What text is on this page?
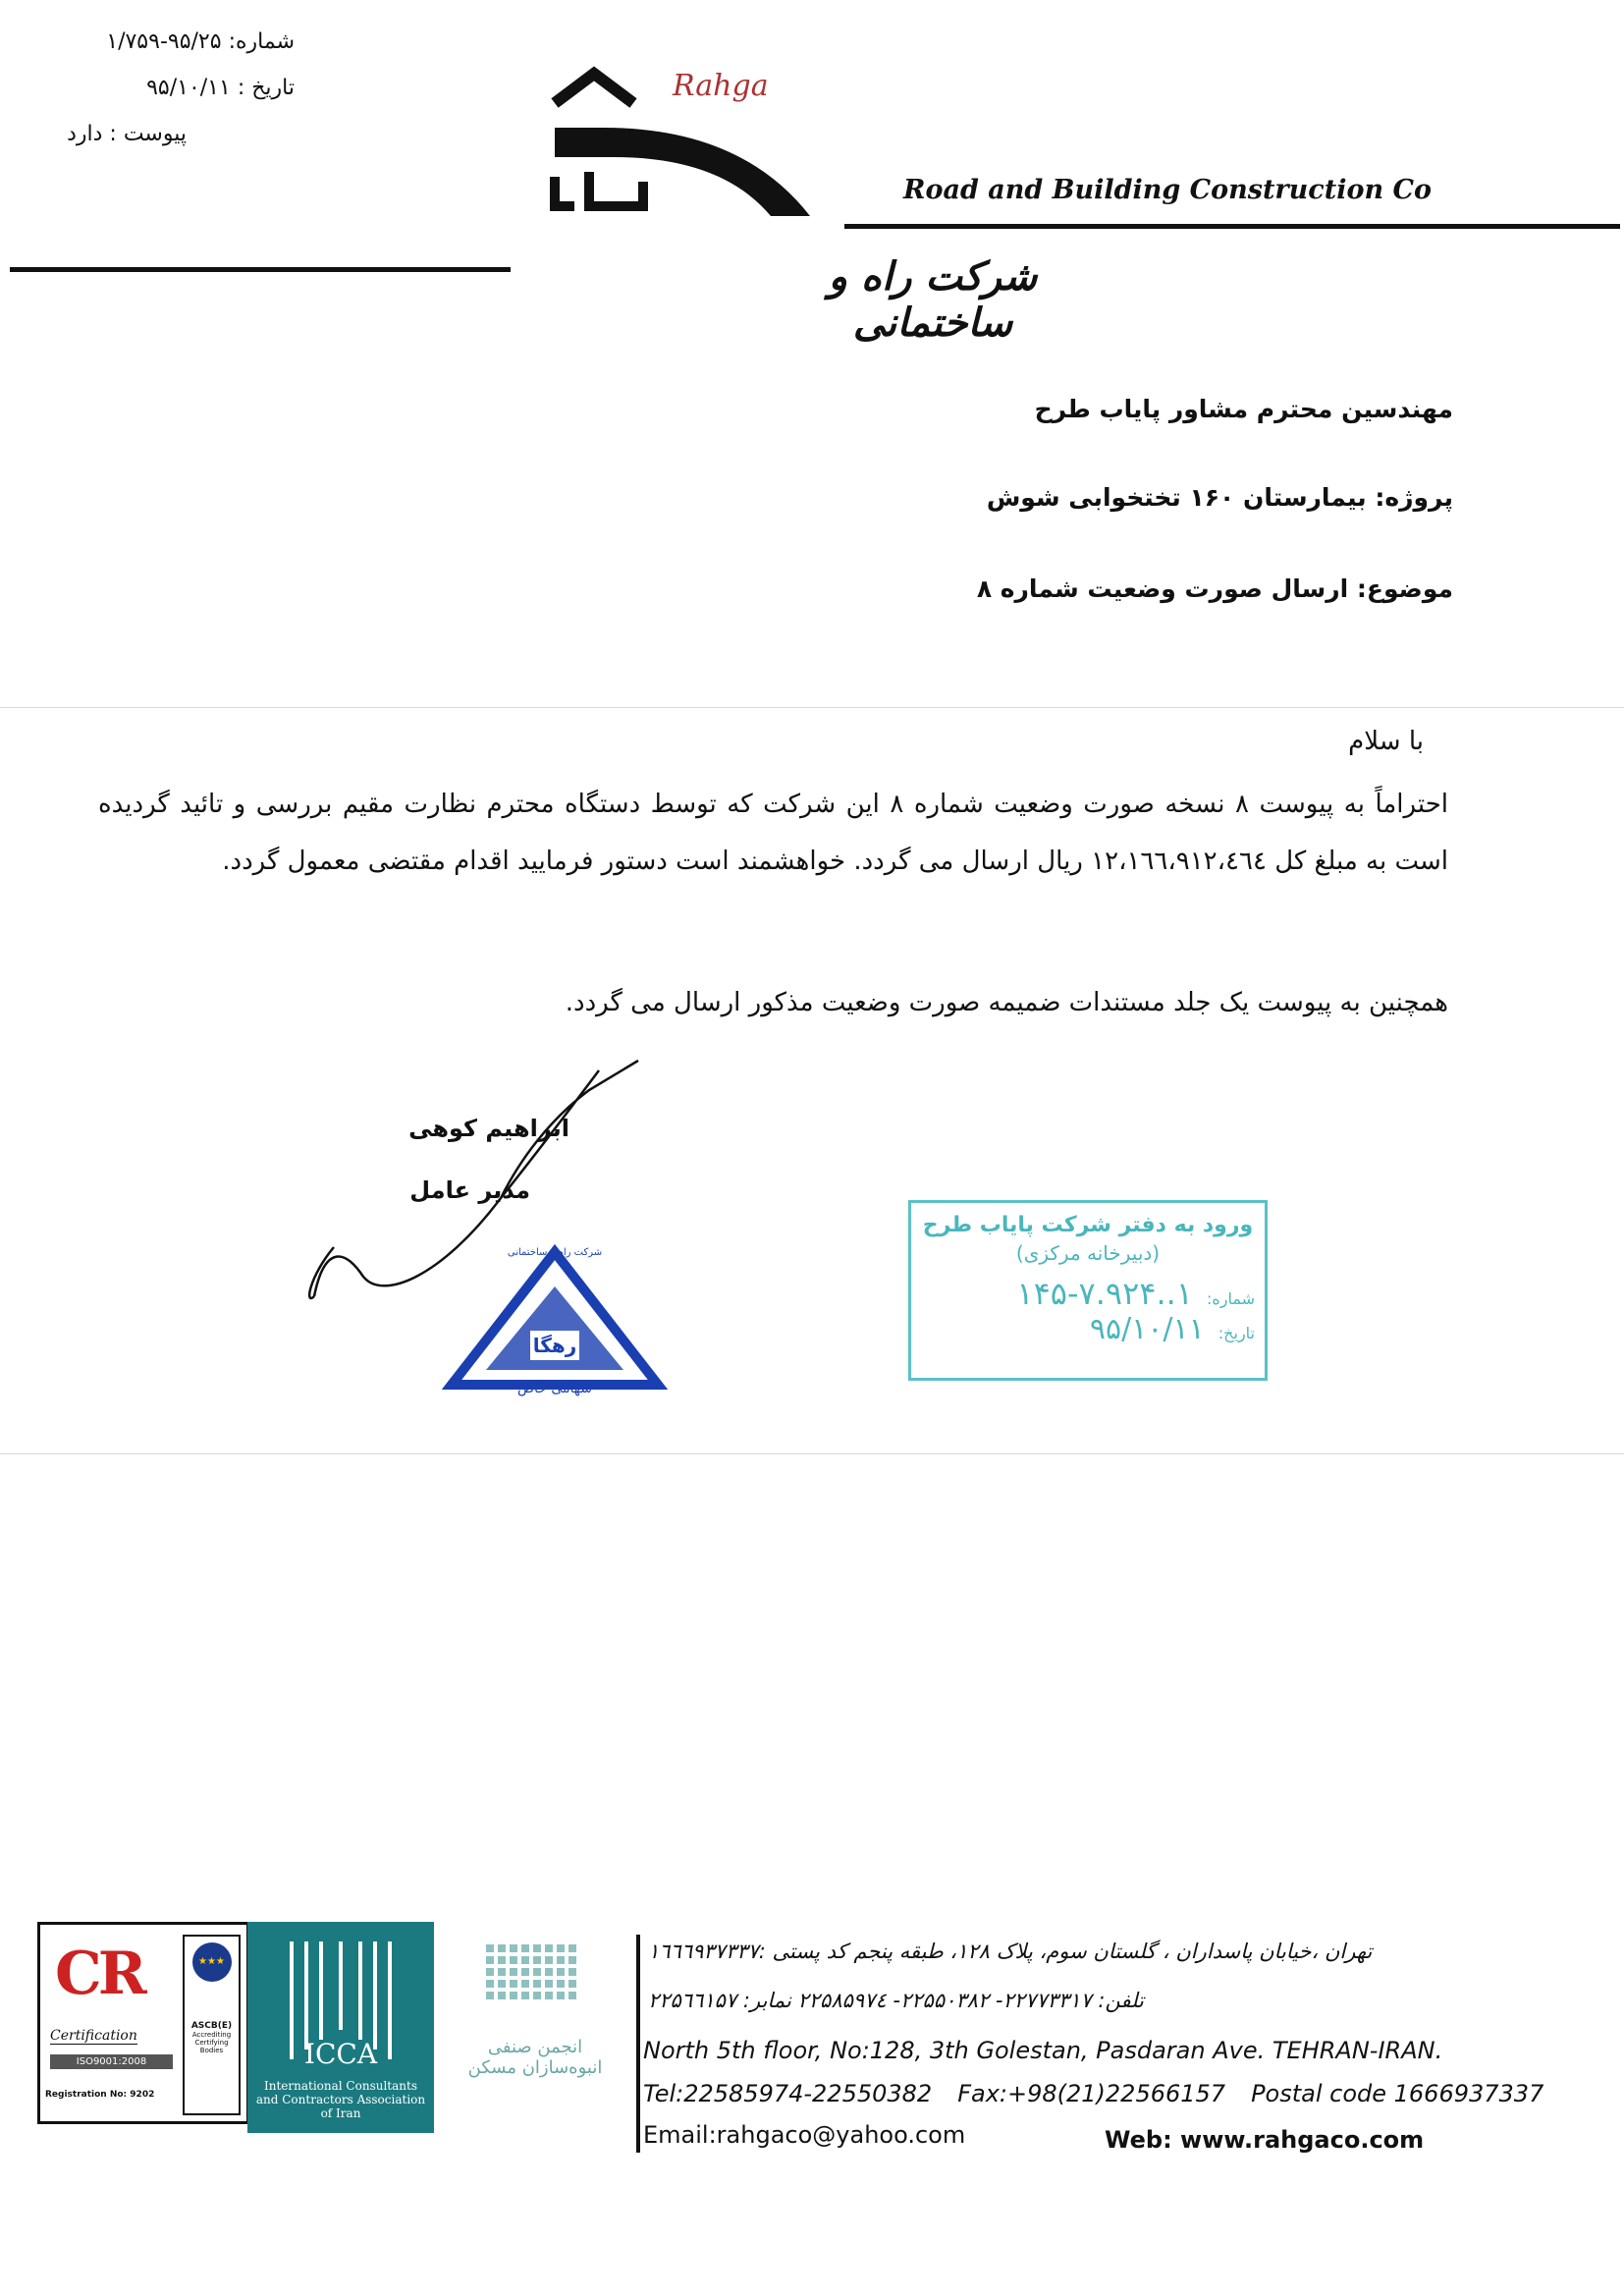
شماره: ۹۵/۲۵-۱/۷۵۹
تاریخ : ۹۵/۱۰/۱۱
پیوست : دارد
Rahga
Road and Building Construction Co
شرکت راه و ساختمانی
مهندسین محترم مشاور پایاب طرح
پروژه: بیمارستان ۱۶۰ تختخوابی شوش
موضوع: ارسال صورت وضعیت شماره ۸
با سلام
احتراماً به پیوست ۸ نسخه صورت وضعیت شماره ۸ این شرکت که توسط دستگاه محترم نظارت مقیم بررسی و تائید گردیده است به مبلغ کل ۱۲،۱٦٦،۹۱۲،٤٦٤ ریال ارسال می گردد. خواهشمند است دستور فرمایید اقدام مقتضی معمول گردد.
همچنین به پیوست یک جلد مستندات ضمیمه صورت وضعیت مذکور ارسال می گردد.
ابراهیم کوهی
مدیر عامل
شرکت راه و ساختمانی
رهگا
سهامی خاص
ورود به دفتر شرکت پایاب طرح
(دبیرخانه مرکزی)
شماره:
۱..۱۴۵-۷.۹۲۴
تاریخ:
۹۵/۱۰/۱۱
CR
Certification
ISO9001:2008
Registration No: 9202
★★★
ASCB(E)
Accrediting Certifying Bodies	ICCA
International Consultants and Contractors Association of Iran
انجمن صنفی
انبوه‌سازان مسکن
تهران ،خیابان پاسداران ، گلستان سوم، پلاک ۱۲۸، طبقه پنجم کد پستی :۱٦٦٦۹۳۷۳۳۷
تلفن: ۲۲۷۷۳۳۱۷- ۲۲۵۵۰۳۸۲- ۲۲۵۸۵۹۷٤ نمابر: ۲۲۵٦٦۱۵۷
North 5th floor, No:128, 3th Golestan, Pasdaran Ave. TEHRAN-IRAN.
Tel:22585974-22550382 Fax:+98(21)22566157 Postal code 1666937337
Email:rahgaco@yahoo.com	Web: www.rahgaco.com
